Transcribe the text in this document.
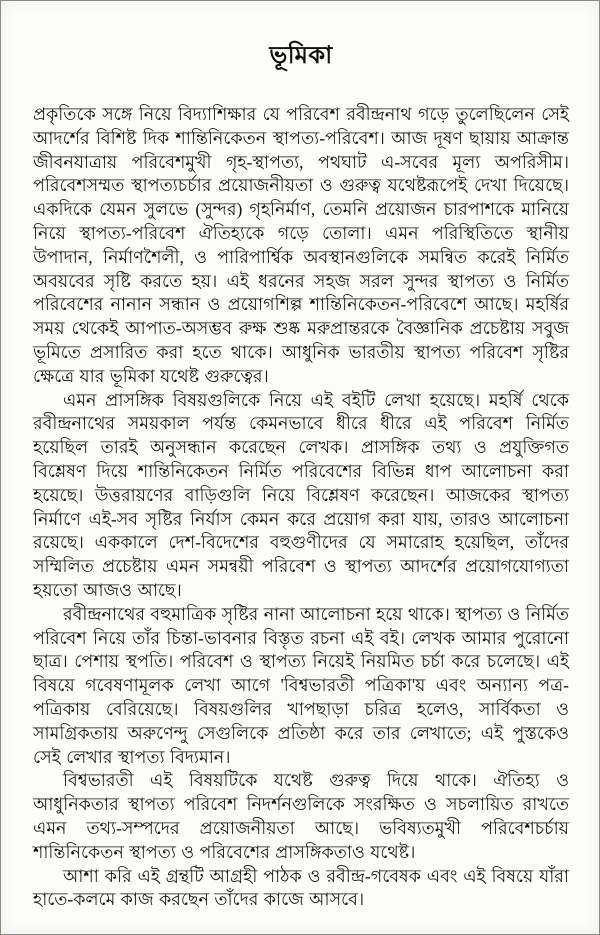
ভূমিকা

প্রকৃতিকে সঙ্গে নিয়ে বিদ্যাশিক্ষার যে পরিবেশ রবীন্দ্রনাথ গড়ে তুলেছিলেন সেই আদর্শের বিশিষ্ট দিক শান্তিনিকেতন স্থাপত্য-পরিবেশ। আজ দূষণ ছায়ায় আক্রান্ত জীবনযাত্রায় পরিবেশমুখী গৃহ-স্থাপত্য, পথঘাট এ-সবের মূল্য অপরিসীম। পরিবেশসম্মত স্থাপত্যচর্চার প্রয়োজনীয়তা ও গুরুত্ব যথেষ্টরূপেই দেখা দিয়েছে। একদিকে যেমন সুলভে (সুন্দর) গৃহনির্মাণ, তেমনি প্রয়োজন চারপাশকে মানিয়ে নিয়ে স্থাপত্য-পরিবেশ ঐতিহ্যকে গড়ে তোলা। এমন পরিস্থিতিতে স্থানীয় উপাদান, নির্মাণশৈলী, ও পারিপার্শ্বিক অবস্থানগুলিকে সমন্বিত করেই নির্মিত অবয়বের সৃষ্টি করতে হয়। এই ধরনের সহজ সরল সুন্দর স্থাপত্য ও নির্মিত পরিবেশের নানান সন্ধান ও প্রয়োগশিল্প শান্তিনিকেতন-পরিবেশে আছে। মহর্ষির সময় থেকেই আপাত-অসম্ভব রুক্ষ শুষ্ক মরুপ্রান্তরকে বৈজ্ঞানিক প্রচেষ্টায় সবুজ ভূমিতে প্রসারিত করা হতে থাকে। আধুনিক ভারতীয় স্থাপত্য পরিবেশ সৃষ্টির ক্ষেত্রে যার ভূমিকা যথেষ্ট গুরুত্বের।

এমন প্রাসঙ্গিক বিষয়গুলিকে নিয়ে এই বইটি লেখা হয়েছে। মহর্ষি থেকে রবীন্দ্রনাথের সময়কাল পর্যন্ত কেমনভাবে ধীরে ধীরে এই পরিবেশ নির্মিত হয়েছিল তারই অনুসন্ধান করেছেন লেখক। প্রাসঙ্গিক তথ্য ও প্রযুক্তিগত বিশ্লেষণ দিয়ে শান্তিনিকেতন নির্মিত পরিবেশের বিভিন্ন ধাপ আলোচনা করা হয়েছে। উত্তরায়ণের বাড়িগুলি নিয়ে বিশ্লেষণ করেছেন। আজকের স্থাপত্য নির্মাণে এই-সব সৃষ্টির নির্যাস কেমন করে প্রয়োগ করা যায়, তারও আলোচনা রয়েছে। এককালে দেশ-বিদেশের বহুগুণীদের যে সমারোহ হয়েছিল, তাঁদের সম্মিলিত প্রচেষ্টায় এমন সমন্বয়ী পরিবেশ ও স্থাপত্য আদর্শের প্রয়োগযোগ্যতা হয়তো আজও আছে।

রবীন্দ্রনাথের বহুমাত্রিক সৃষ্টির নানা আলোচনা হয়ে থাকে। স্থাপত্য ও নির্মিত পরিবেশ নিয়ে তাঁর চিন্তা-ভাবনার বিস্তৃত রচনা এই বই। লেখক আমার পুরোনো ছাত্র। পেশায় স্থপতি। পরিবেশ ও স্থাপত্য নিয়েই নিয়মিত চর্চা করে চলেছে। এই বিষয়ে গবেষণামূলক লেখা আগে 'বিশ্বভারতী পত্রিকা'য় এবং অন্যান্য পত্র-পত্রিকায় বেরিয়েছে। বিষয়গুলির খাপছাড়া চরিত্র হলেও, সার্বিকতা ও সামগ্রিকতায় অরুণেন্দু সেগুলিকে প্রতিষ্ঠা করে তার লেখাতে; এই পুস্তকেও সেই লেখার স্থাপত্য বিদ্যমান।

বিশ্বভারতী এই বিষয়টিকে যথেষ্ট গুরুত্ব দিয়ে থাকে। ঐতিহ্য ও আধুনিকতার স্থাপত্য পরিবেশ নিদর্শনগুলিকে সংরক্ষিত ও সচলায়িত রাখতে এমন তথ্য-সম্পদের প্রয়োজনীয়তা আছে। ভবিষ্যতমুখী পরিবেশচর্চায় শান্তিনিকেতন স্থাপত্য ও পরিবেশের প্রাসঙ্গিকতাও যথেষ্ট।

আশা করি এই গ্রন্থটি আগ্রহী পাঠক ও রবীন্দ্র-গবেষক এবং এই বিষয়ে যাঁরা হাতে-কলমে কাজ করছেন তাঁদের কাজে আসবে।
